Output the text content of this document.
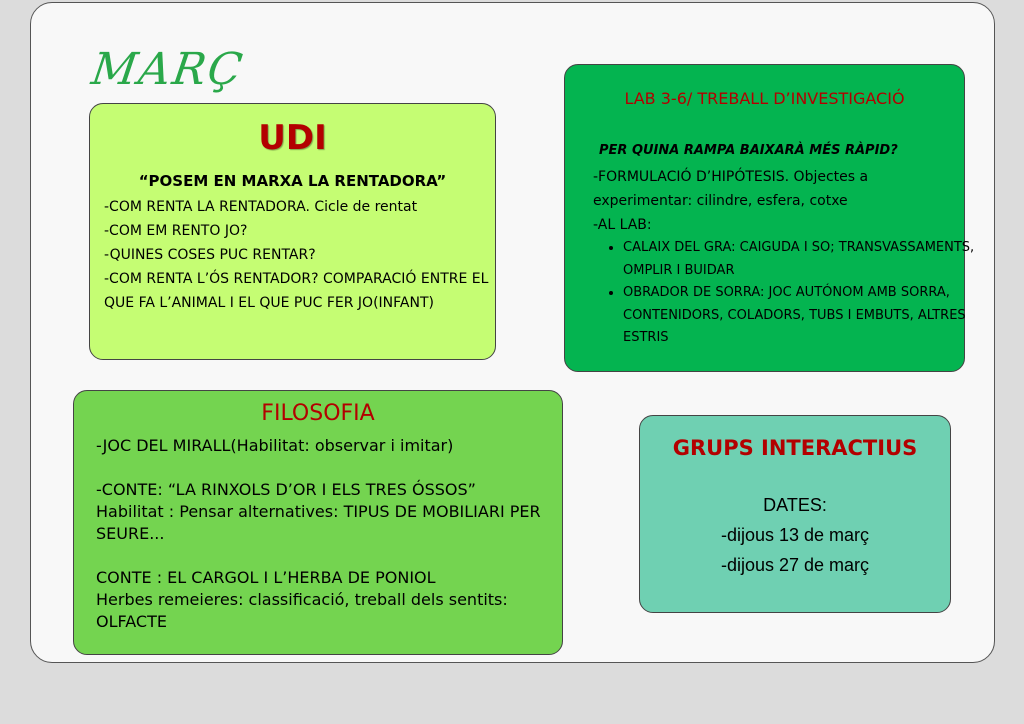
MARÇ
UDI
“POSEM EN MARXA LA RENTADORA”
-COM RENTA LA RENTADORA. Cicle de rentat
-COM EM RENTO JO?
-QUINES COSES PUC RENTAR?
-COM RENTA L’ÓS RENTADOR? COMPARACIÓ ENTRE EL QUE FA L’ANIMAL I EL QUE PUC FER JO(INFANT)
LAB 3-6/ TREBALL D’INVESTIGACIÓ
PER QUINA RAMPA BAIXARÀ MÉS RÀPID?
-FORMULACIÓ D’HIPÓTESIS. Objectes a experimentar: cilindre, esfera, cotxe
-AL LAB:
• CALAIX DEL GRA: CAIGUDA I SO; TRANSVASSAMENTS, OMPLIR I BUIDAR
• OBRADOR DE SORRA: JOC AUTÓNOM AMB SORRA, CONTENIDORS, COLADORS, TUBS I EMBUTS, ALTRES ESTRIS
FILOSOFIA

-JOC DEL MIRALL(Habilitat: observar i imitar)

-CONTE: “LA RINXOLS D’OR I ELS TRES ÓSSOS”

Habilitat : Pensar alternatives: TIPUS DE MOBILIARI PER SEURE...

CONTE : EL CARGOL I L’HERBA DE PONIOL

Herbes remeieres: classificació, treball dels sentits: OLFACTE

GRUPS INTERACTIUS
DATES:
-dijous 13 de març
-dijous 27 de març
